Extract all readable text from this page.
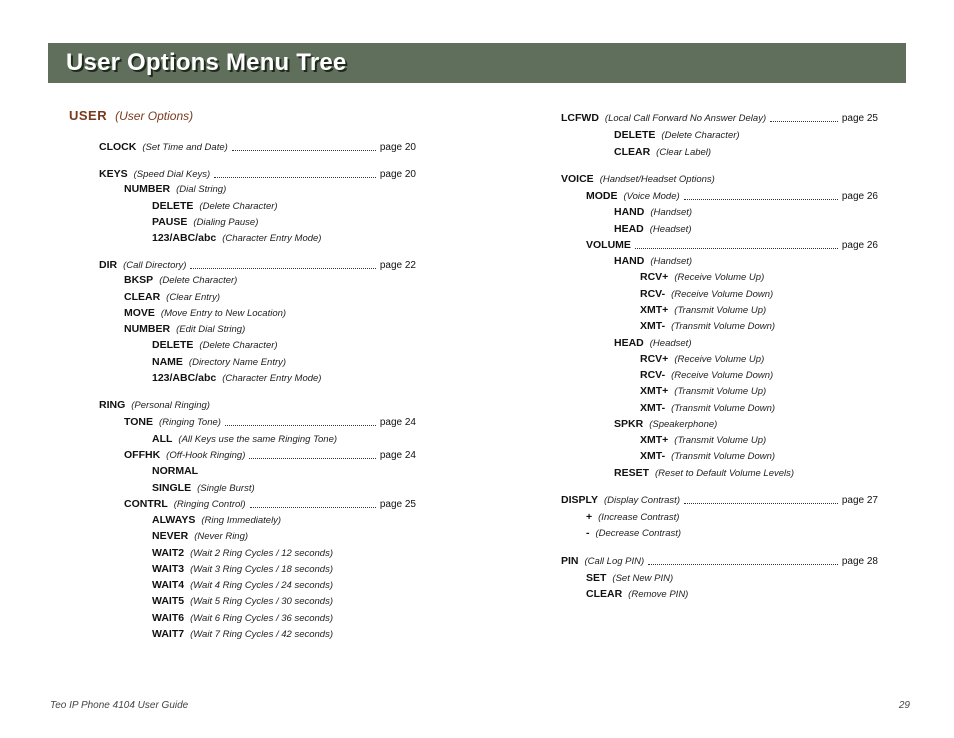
User Options Menu Tree
USER (User Options)
CLOCK (Set Time and Date)	page 20
KEYS (Speed Dial Keys)	page 20
NUMBER (Dial String)
DELETE (Delete Character)
PAUSE (Dialing Pause)
123/ABC/abc (Character Entry Mode)
DIR (Call Directory)	page 22
BKSP (Delete Character)
CLEAR (Clear Entry)
MOVE (Move Entry to New Location)
NUMBER (Edit Dial String)
DELETE (Delete Character)
NAME (Directory Name Entry)
123/ABC/abc (Character Entry Mode)
RING (Personal Ringing)
TONE (Ringing Tone)	page 24
ALL (All Keys use the same Ringing Tone)
OFFHK (Off-Hook Ringing)	page 24
NORMAL
SINGLE (Single Burst)
CONTRL (Ringing Control)	page 25
ALWAYS (Ring Immediately)
NEVER (Never Ring)
WAIT2 (Wait 2 Ring Cycles / 12 seconds)
WAIT3 (Wait 3 Ring Cycles / 18 seconds)
WAIT4 (Wait 4 Ring Cycles / 24 seconds)
WAIT5 (Wait 5 Ring Cycles / 30 seconds)
WAIT6 (Wait 6 Ring Cycles / 36 seconds)
WAIT7 (Wait 7 Ring Cycles / 42 seconds)
LCFWD (Local Call Forward No Answer Delay)	page 25
DELETE (Delete Character)
CLEAR (Clear Label)
VOICE (Handset/Headset Options)
MODE (Voice Mode)	page 26
HAND (Handset)
HEAD (Headset)
VOLUME	page 26
HAND (Handset)
RCV+ (Receive Volume Up)
RCV- (Receive Volume Down)
XMT+ (Transmit Volume Up)
XMT- (Transmit Volume Down)
HEAD (Headset)
RCV+ (Receive Volume Up)
RCV- (Receive Volume Down)
XMT+ (Transmit Volume Up)
XMT- (Transmit Volume Down)
SPKR (Speakerphone)
XMT+ (Transmit Volume Up)
XMT- (Transmit Volume Down)
RESET (Reset to Default Volume Levels)
DISPLY (Display Contrast)	page 27
+ (Increase Contrast)
- (Decrease Contrast)
PIN (Call Log PIN)	page 28
SET (Set New PIN)
CLEAR (Remove PIN)
Teo IP Phone 4104 User Guide	29
